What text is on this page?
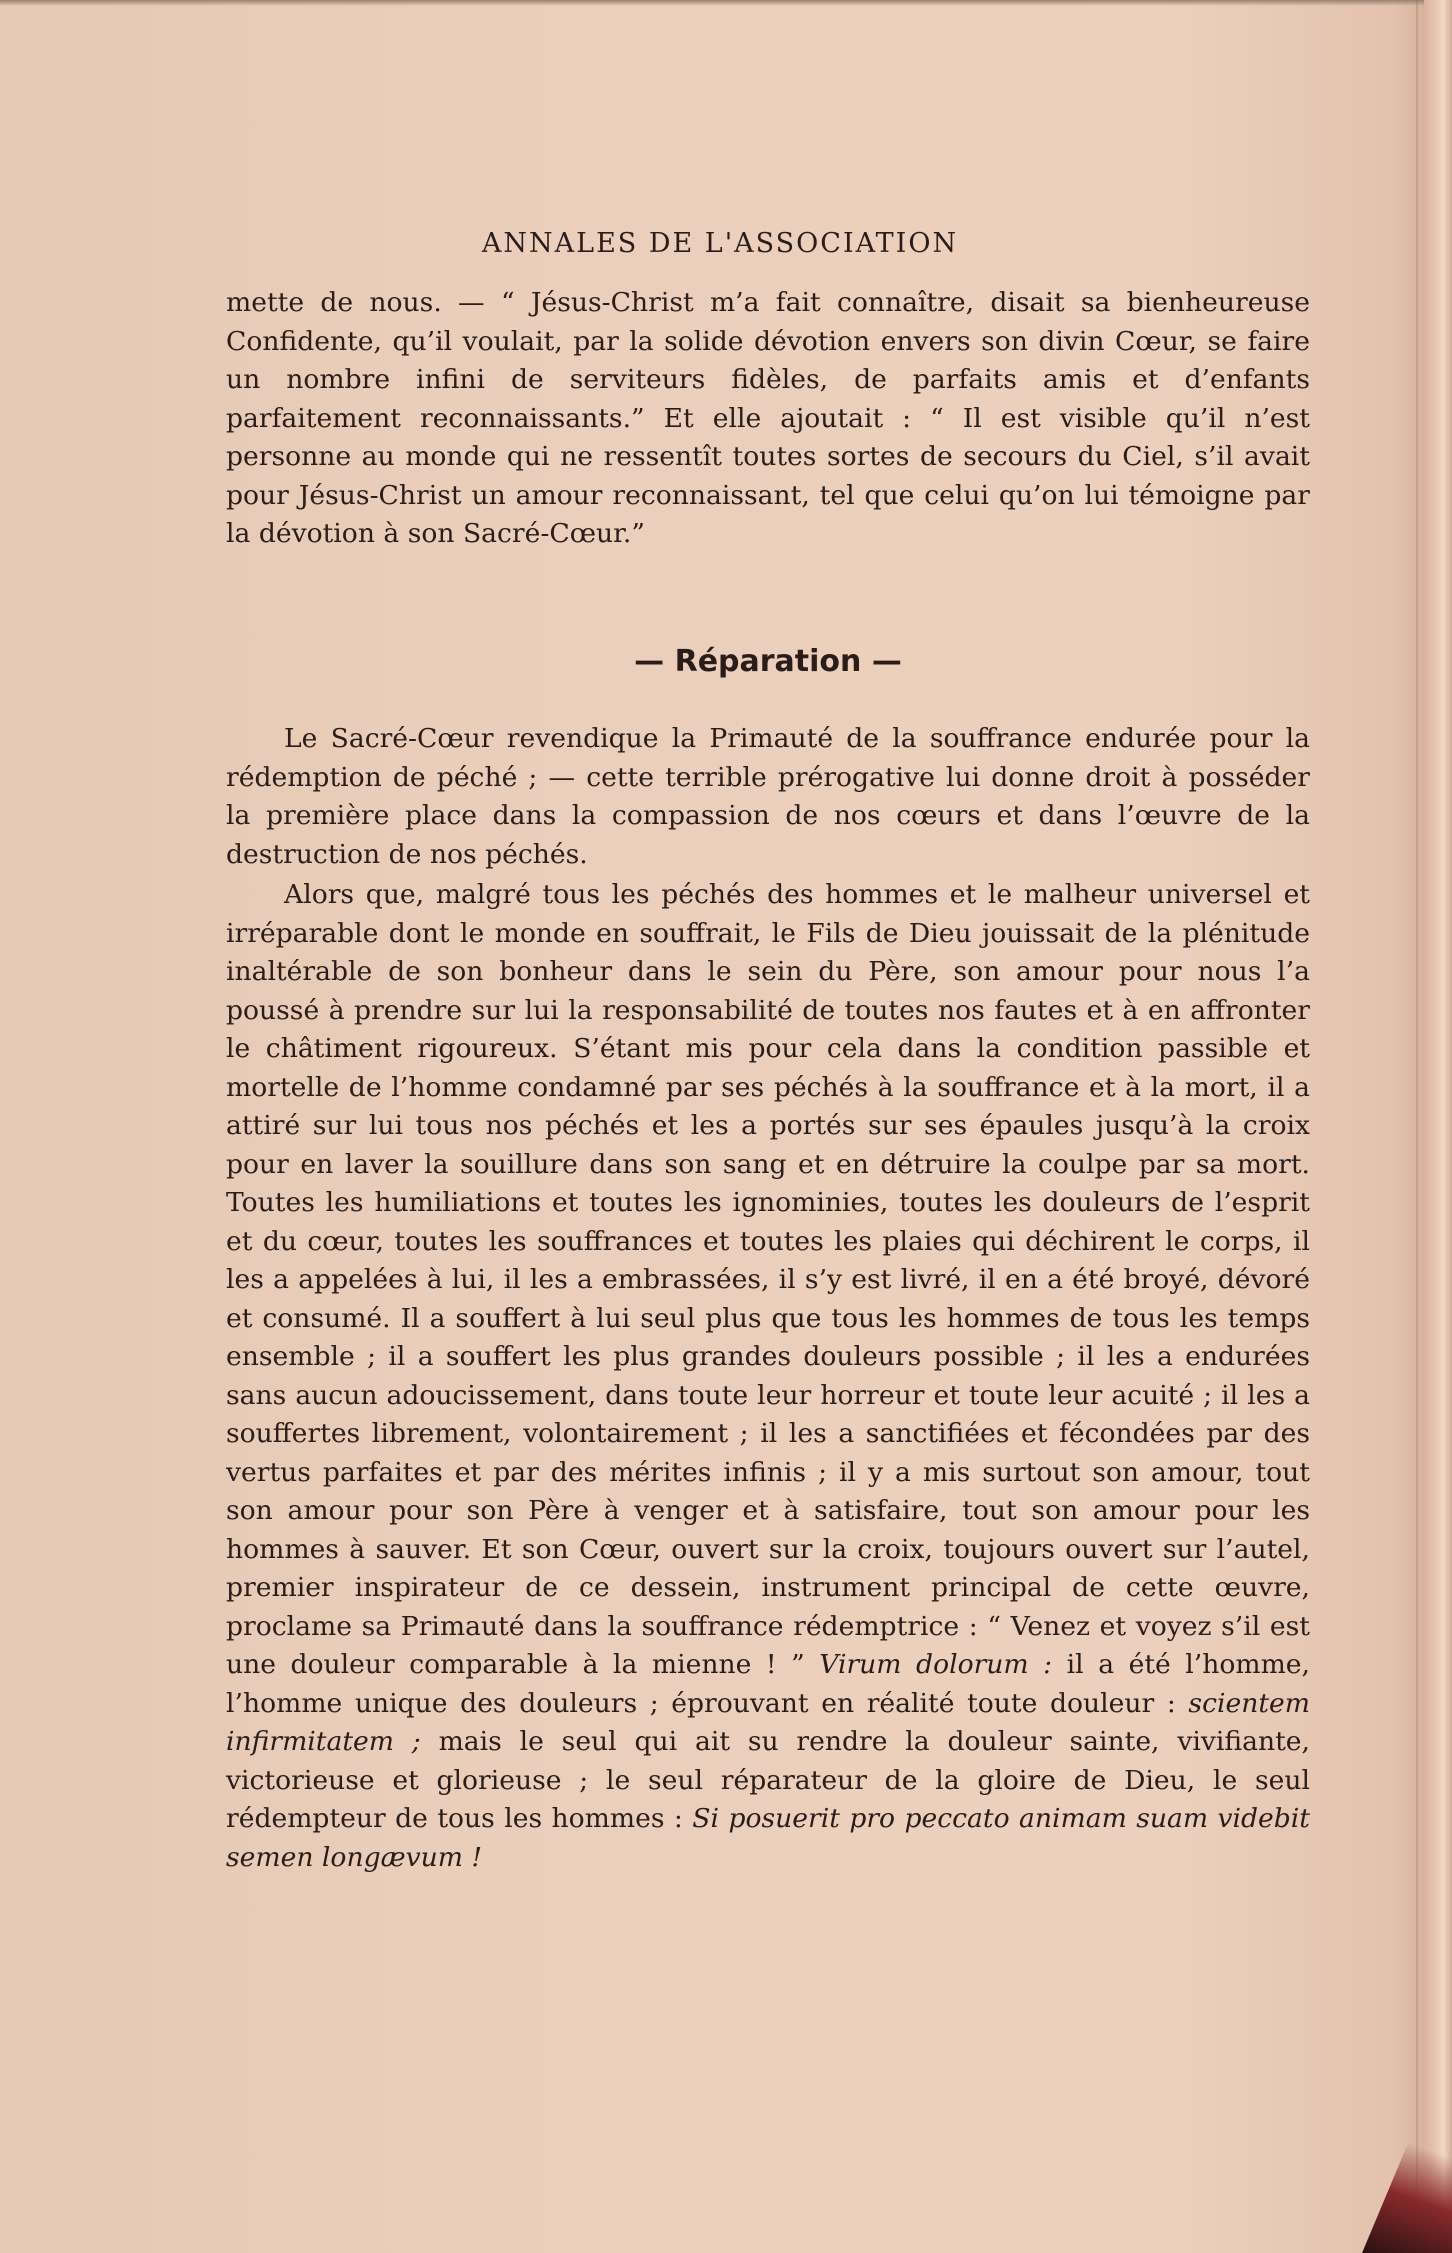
ANNALES DE L'ASSOCIATION
mette de nous. — “ Jésus-Christ m’a fait connaître, disait sa bienheureuse Confidente, qu’il voulait, par la solide dévotion envers son divin Cœur, se faire un nombre infini de serviteurs fidèles, de parfaits amis et d’enfants parfaitement reconnaissants.” Et elle ajoutait : “ Il est visible qu’il n’est personne au monde qui ne ressentît toutes sortes de secours du Ciel, s’il avait pour Jésus-Christ un amour reconnaissant, tel que celui qu’on lui témoigne par la dévotion à son Sacré-Cœur.”
— Réparation —
Le Sacré-Cœur revendique la Primauté de la souffrance endurée pour la rédemption de péché ; — cette terrible prérogative lui donne droit à posséder la première place dans la compassion de nos cœurs et dans l’œuvre de la destruction de nos péchés.
Alors que, malgré tous les péchés des hommes et le malheur universel et irréparable dont le monde en souffrait, le Fils de Dieu jouissait de la plénitude inaltérable de son bonheur dans le sein du Père, son amour pour nous l’a poussé à prendre sur lui la responsabilité de toutes nos fautes et à en affronter le châtiment rigoureux. S’étant mis pour cela dans la condition passible et mortelle de l’homme condamné par ses péchés à la souffrance et à la mort, il a attiré sur lui tous nos péchés et les a portés sur ses épaules jusqu’à la croix pour en laver la souillure dans son sang et en détruire la coulpe par sa mort. Toutes les humiliations et toutes les ignominies, toutes les douleurs de l’esprit et du cœur, toutes les souffrances et toutes les plaies qui déchirent le corps, il les a appelées à lui, il les a embrassées, il s’y est livré, il en a été broyé, dévoré et consumé. Il a souffert à lui seul plus que tous les hommes de tous les temps ensemble ; il a souffert les plus grandes douleurs possible ; il les a endurées sans aucun adoucissement, dans toute leur horreur et toute leur acuité ; il les a souffertes librement, volontairement ; il les a sanctifiées et fécondées par des vertus parfaites et par des mérites infinis ; il y a mis surtout son amour, tout son amour pour son Père à venger et à satisfaire, tout son amour pour les hommes à sauver. Et son Cœur, ouvert sur la croix, toujours ouvert sur l’autel, premier inspirateur de ce dessein, instrument principal de cette œuvre, proclame sa Primauté dans la souffrance rédemptrice : “ Venez et voyez s’il est une douleur comparable à la mienne ! ” Virum dolorum : il a été l’homme, l’homme unique des douleurs ; éprouvant en réalité toute douleur : scientem infirmitatem ; mais le seul qui ait su rendre la douleur sainte, vivifiante, victorieuse et glorieuse ; le seul réparateur de la gloire de Dieu, le seul rédempteur de tous les hommes : Si posuerit pro peccato animam suam videbit semen longævum !
